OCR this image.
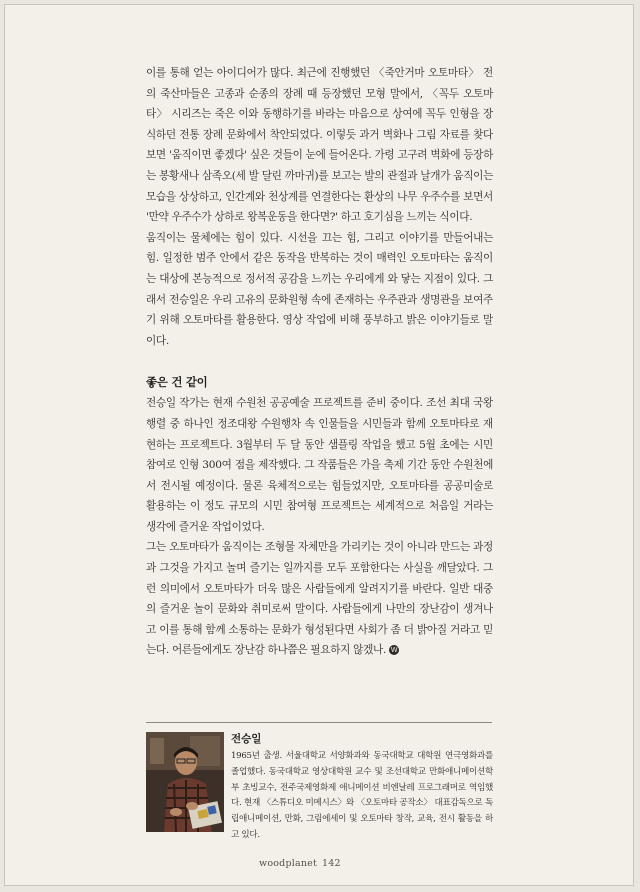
이를 통해 얻는 아이디어가 많다. 최근에 진행했던 〈죽안거마 오토마타〉 전의 죽산마들은 고종과 순종의 장례 때 등장했던 모형 말에서, 〈꼭두 오토마타〉 시리즈는 죽은 이와 동행하기를 바라는 마음으로 상여에 꼭두 인형을 장식하던 전통 장례 문화에서 착안되었다. 이렇듯 과거 벽화나 그림 자료를 찾다 보면 '움직이면 좋겠다' 싶은 것들이 눈에 들어온다. 가령 고구려 벽화에 등장하는 봉황새나 삼족오(세 발 달린 까마귀)를 보고는 발의 관절과 날개가 움직이는 모습을 상상하고, 인간계와 천상계를 연결한다는 환상의 나무 우주수를 보면서 '만약 우주수가 상하로 왕복운동을 한다면?' 하고 호기심을 느끼는 식이다.

움직이는 물체에는 힘이 있다. 시선을 끄는 힘, 그리고 이야기를 만들어내는 힘. 일정한 범주 안에서 같은 동작을 반복하는 것이 매력인 오토마타는 움직이는 대상에 본능적으로 정서적 공감을 느끼는 우리에게 와 닿는 지점이 있다. 그래서 전승일은 우리 고유의 문화원형 속에 존재하는 우주관과 생명관을 보여주기 위해 오토마타를 활용한다. 영상 작업에 비해 풍부하고 밝은 이야기들로 말이다.

좋은 건 같이

전승일 작가는 현재 수원천 공공예술 프로젝트를 준비 중이다. 조선 최대 국왕행렬 중 하나인 정조대왕 수원행차 속 인물들을 시민들과 함께 오토마타로 재현하는 프로젝트다. 3월부터 두 달 동안 샘플링 작업을 했고 5월 초에는 시민 참여로 인형 300여 점을 제작했다. 그 작품들은 가을 축제 기간 동안 수원천에서 전시될 예정이다. 물론 육체적으로는 힘들었지만, 오토마타를 공공미술로 활용하는 이 정도 규모의 시민 참여형 프로젝트는 세계적으로 처음일 거라는 생각에 즐거운 작업이었다.

그는 오토마타가 움직이는 조형물 자체만을 가리키는 것이 아니라 만드는 과정과 그것을 가지고 놀며 즐기는 일까지를 모두 포함한다는 사실을 깨달았다. 그런 의미에서 오토마타가 더욱 많은 사람들에게 알려지기를 바란다. 일반 대중의 즐거운 놀이 문화와 취미로써 말이다. 사람들에게 나만의 장난감이 생겨나고 이를 통해 함께 소통하는 문화가 형성된다면 사회가 좀 더 밝아질 거라고 믿는다. 어른들에게도 장난감 하나쯤은 필요하지 않겠나. W

전승일
1965년 출생. 서울대학교 서양화과와 동국대학교 대학원 연극영화과를 졸업했다. 동국대학교 영상대학원 교수 및 조선대학교 만화애니메이션학부 초빙교수, 전주국제영화제 애니메이션 비엔날레 프로그래머로 역임했다. 현재 〈스튜디오 미메시스〉와 〈오토마타 공작소〉 대표감독으로 독립애니메이션, 만화, 그림에세이 및 오토마타 창작, 교육, 전시 활동을 하고 있다.
woodplanet 142
